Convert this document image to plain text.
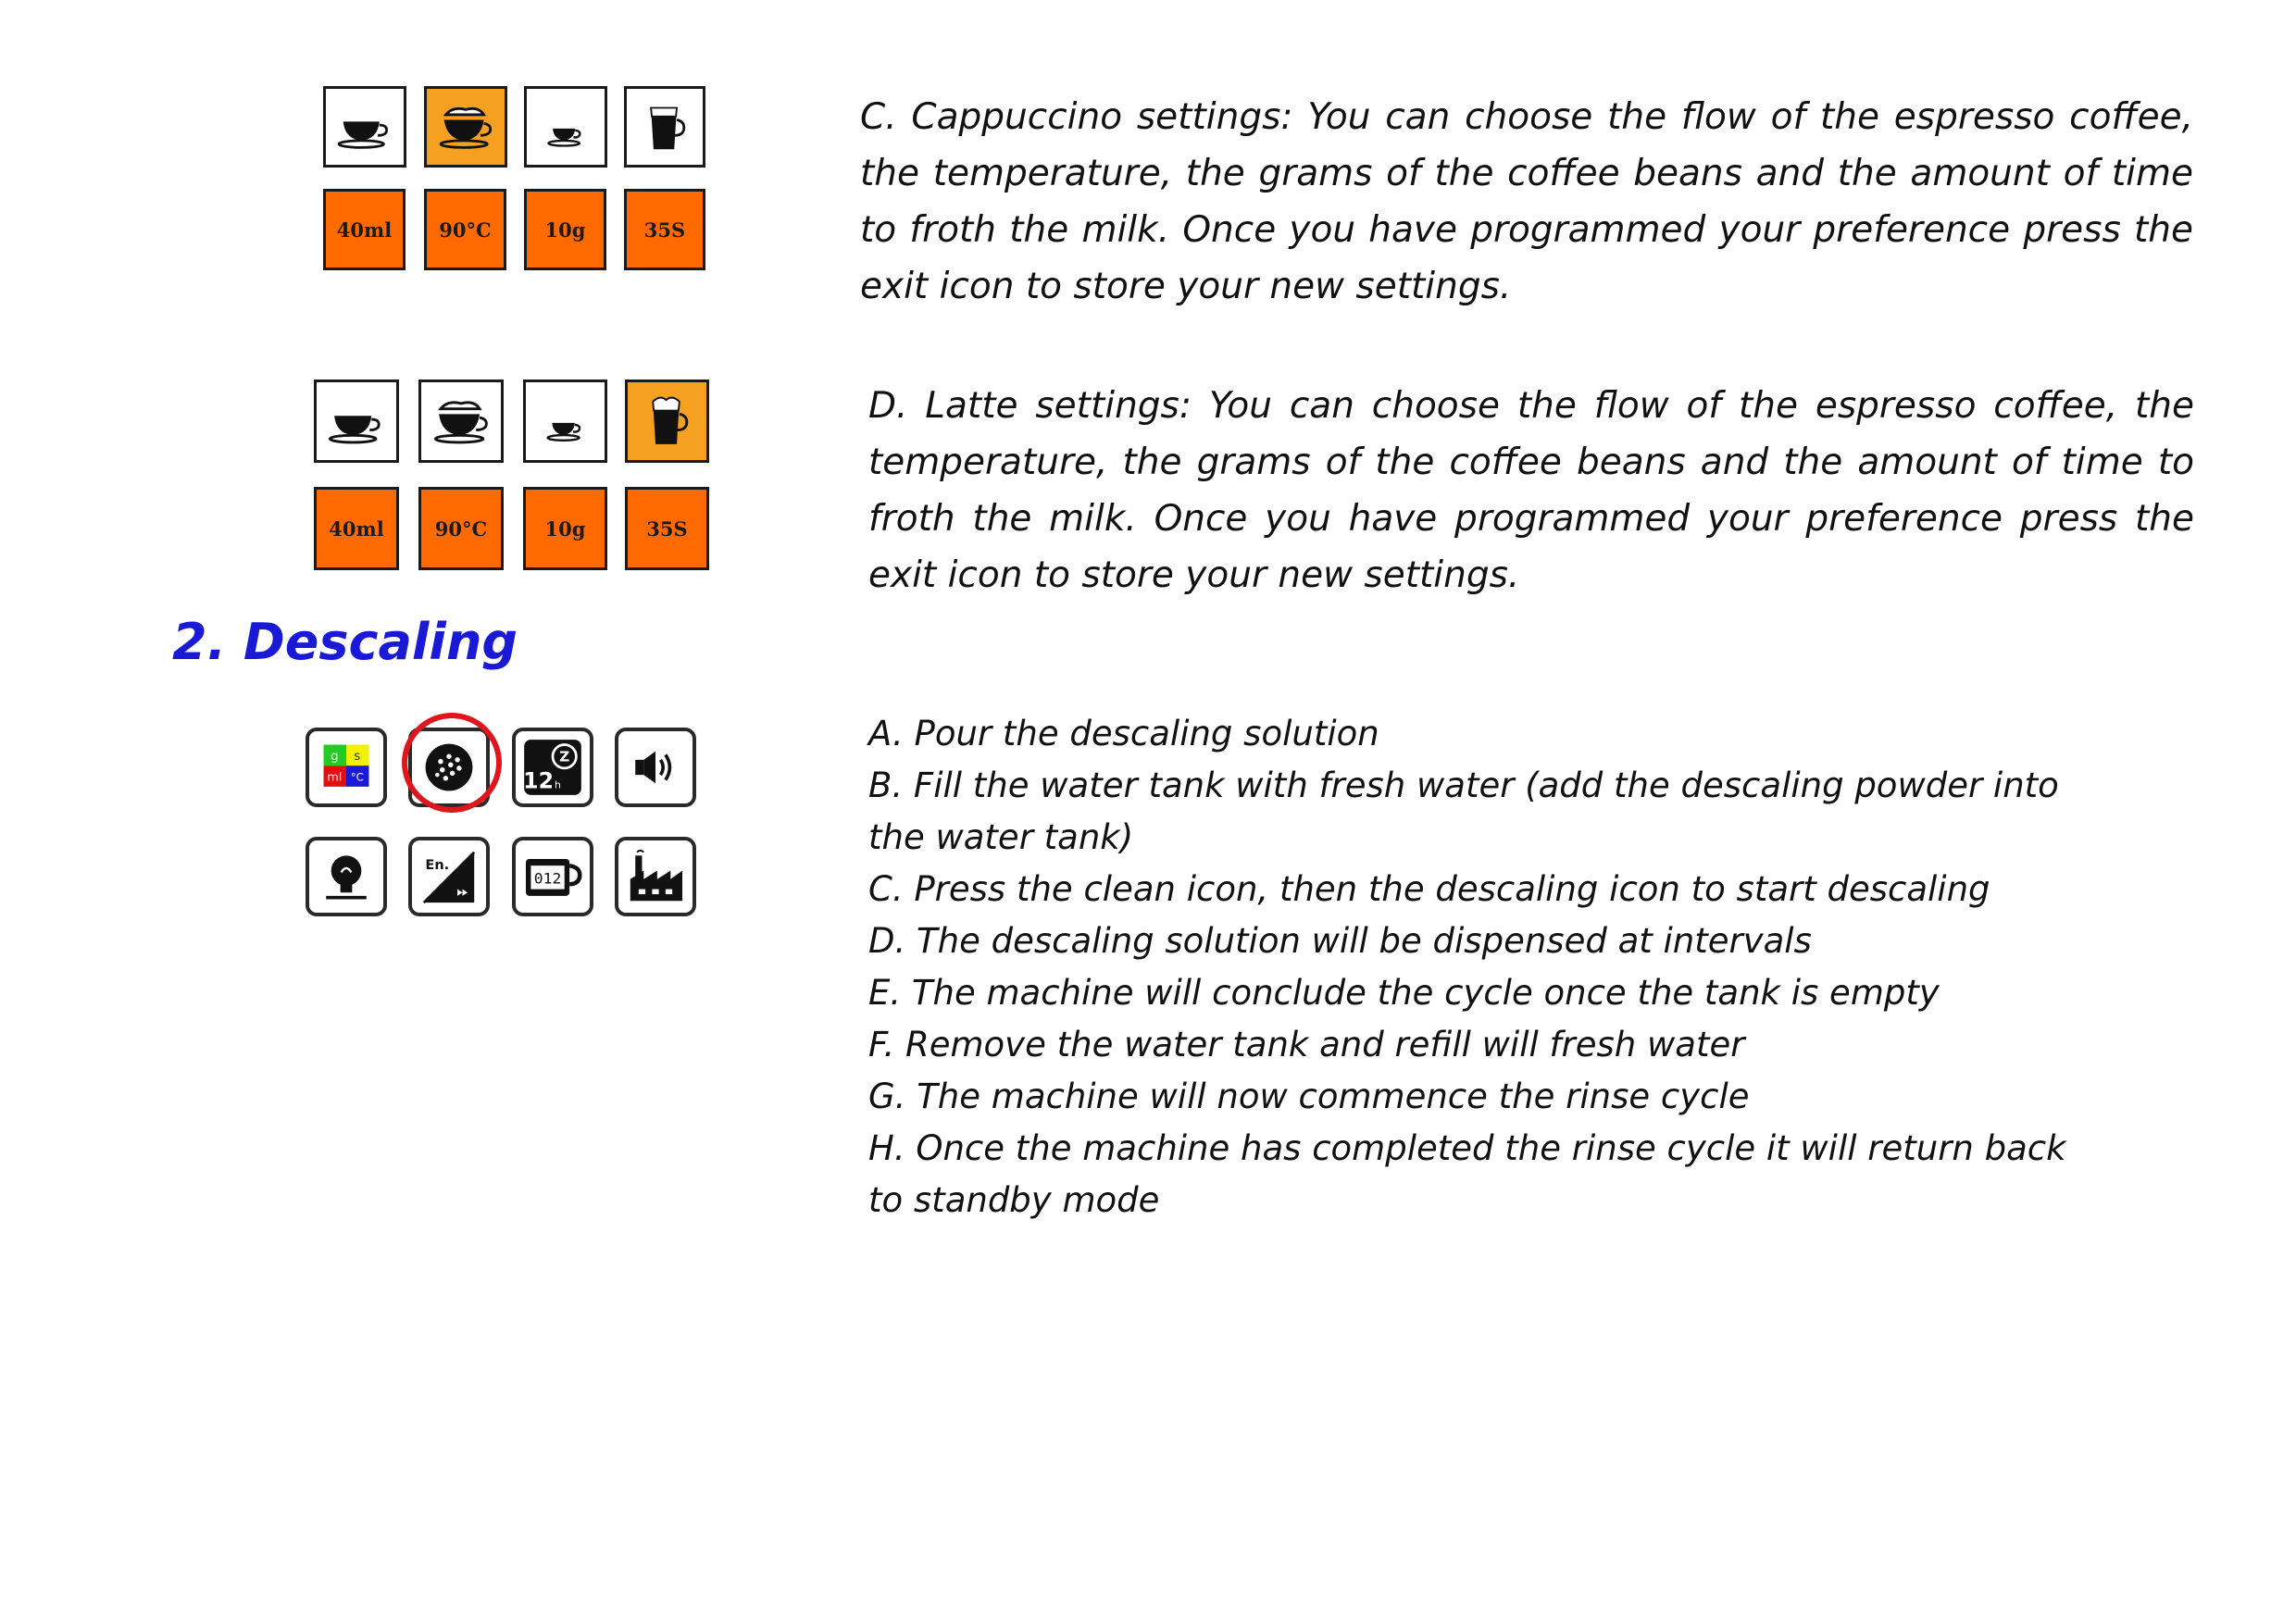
40ml	90°C	10g	35S

C. Cappuccino settings: You can choose the flow of the espresso coffee, the temperature, the grams of the coffee beans and the amount of time to froth the milk. Once you have programmed your preference press the exit icon to store your new settings.

40ml	90°C	10g	35S

D. Latte settings: You can choose the flow of the espresso coffee, the temperature, the grams of the coffee beans and the amount of time to froth the milk. Once you have programmed your preference press the exit icon to store your new settings.

2. Descaling
g s
ml °C
Z
12 h
En.
012
A. Pour the descaling solution
B. Fill the water tank with fresh water (add the descaling powder into the water tank)
C. Press the clean icon, then the descaling icon to start descaling
D. The descaling solution will be dispensed at intervals
E. The machine will conclude the cycle once the tank is empty
F. Remove the water tank and refill will fresh water
G. The machine will now commence the rinse cycle
H. Once the machine has completed the rinse cycle it will return back to standby mode
